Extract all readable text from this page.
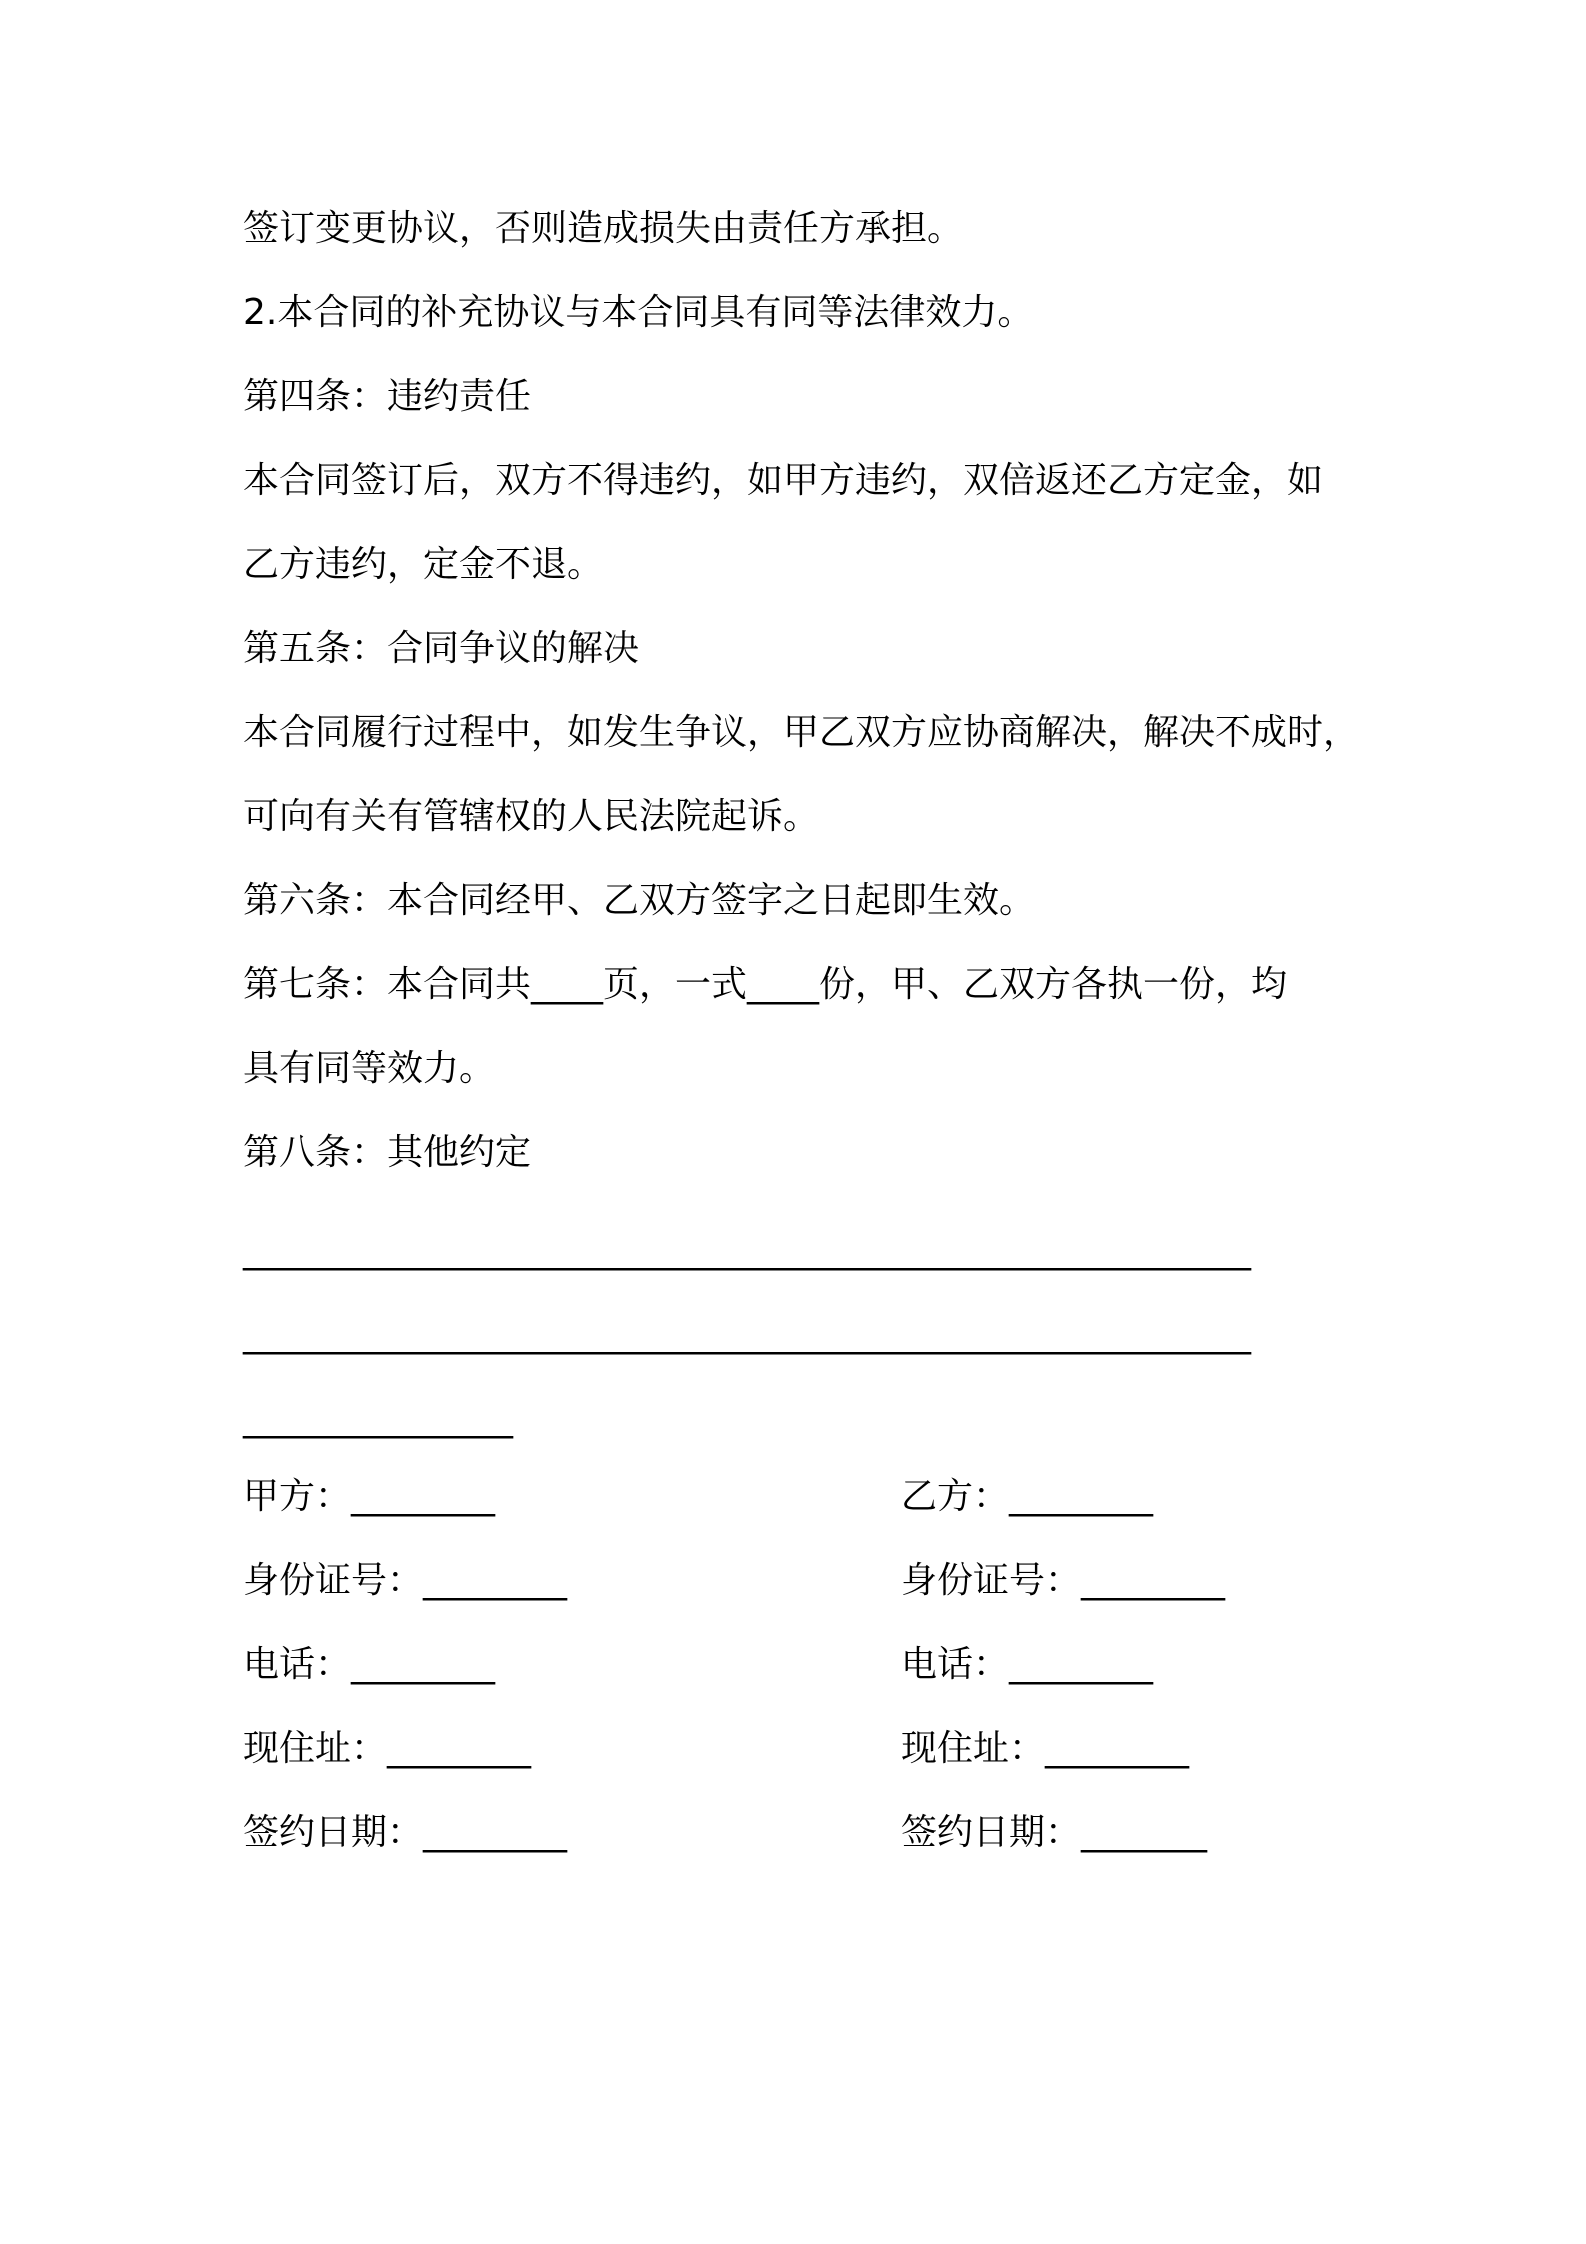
签订变更协议，否则造成损失由责任方承担。
2.本合同的补充协议与本合同具有同等法律效力。
第四条：违约责任
本合同签订后，双方不得违约，如甲方违约，双倍返还乙方定金，如
乙方违约，定金不退。
第五条：合同争议的解决
本合同履行过程中，如发生争议，甲乙双方应协商解决，解决不成时，
可向有关有管辖权的人民法院起诉。
第六条：本合同经甲、乙双方签字之日起即生效。
第七条：本合同共____页，一式____份，甲、乙双方各执一份，均
具有同等效力。
第八条：其他约定
________________________________________________________
________________________________________________________
_______________
甲方：________	乙方：________
身份证号：________	身份证号：________
电话：________	电话：________
现住址：________	现住址：________
签约日期：________	签约日期：_______
